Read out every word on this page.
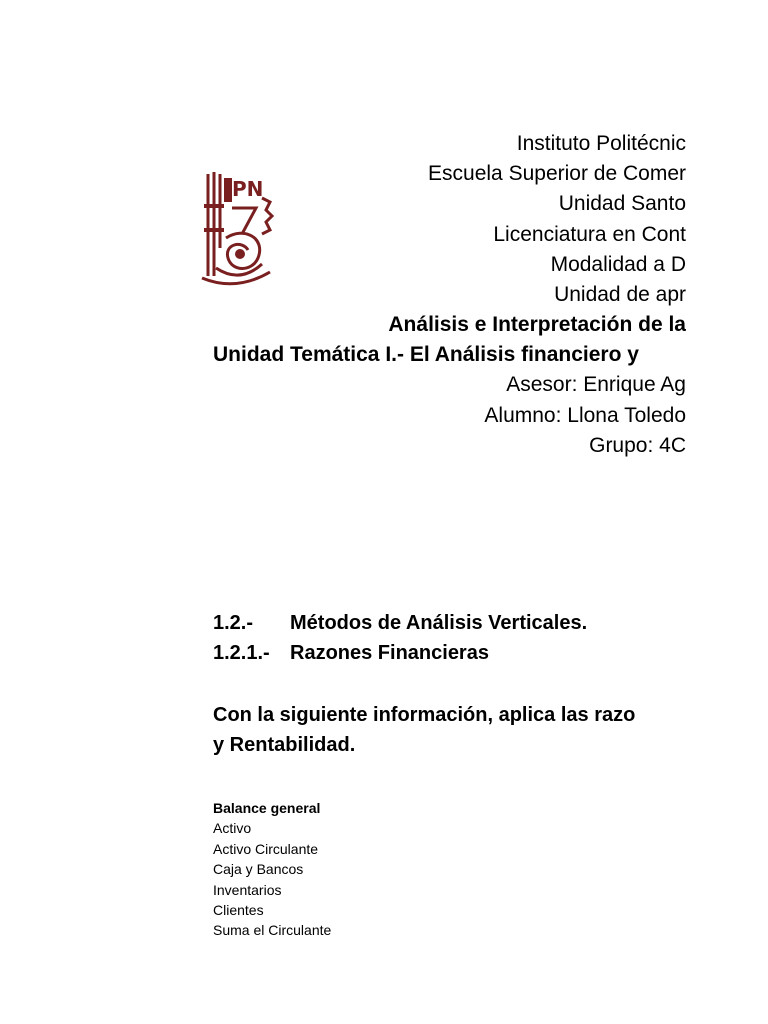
Instituto Politécnic
Escuela Superior de Comer
Unidad Santo
Licenciatura en Cont
Modalidad a D
Unidad de apr
Análisis e Interpretación de la
Unidad Temática I.- El Análisis financiero y
Asesor: Enrique Ag
Alumno: Llona Toledo
Grupo: 4C
IPN
1.2.- Métodos de Análisis Verticales.
1.2.1.- Razones Financieras
Con la siguiente información, aplica las razo
y Rentabilidad.
Balance general
Activo
Activo Circulante
Caja y Bancos
Inventarios
Clientes
Suma el Circulante
